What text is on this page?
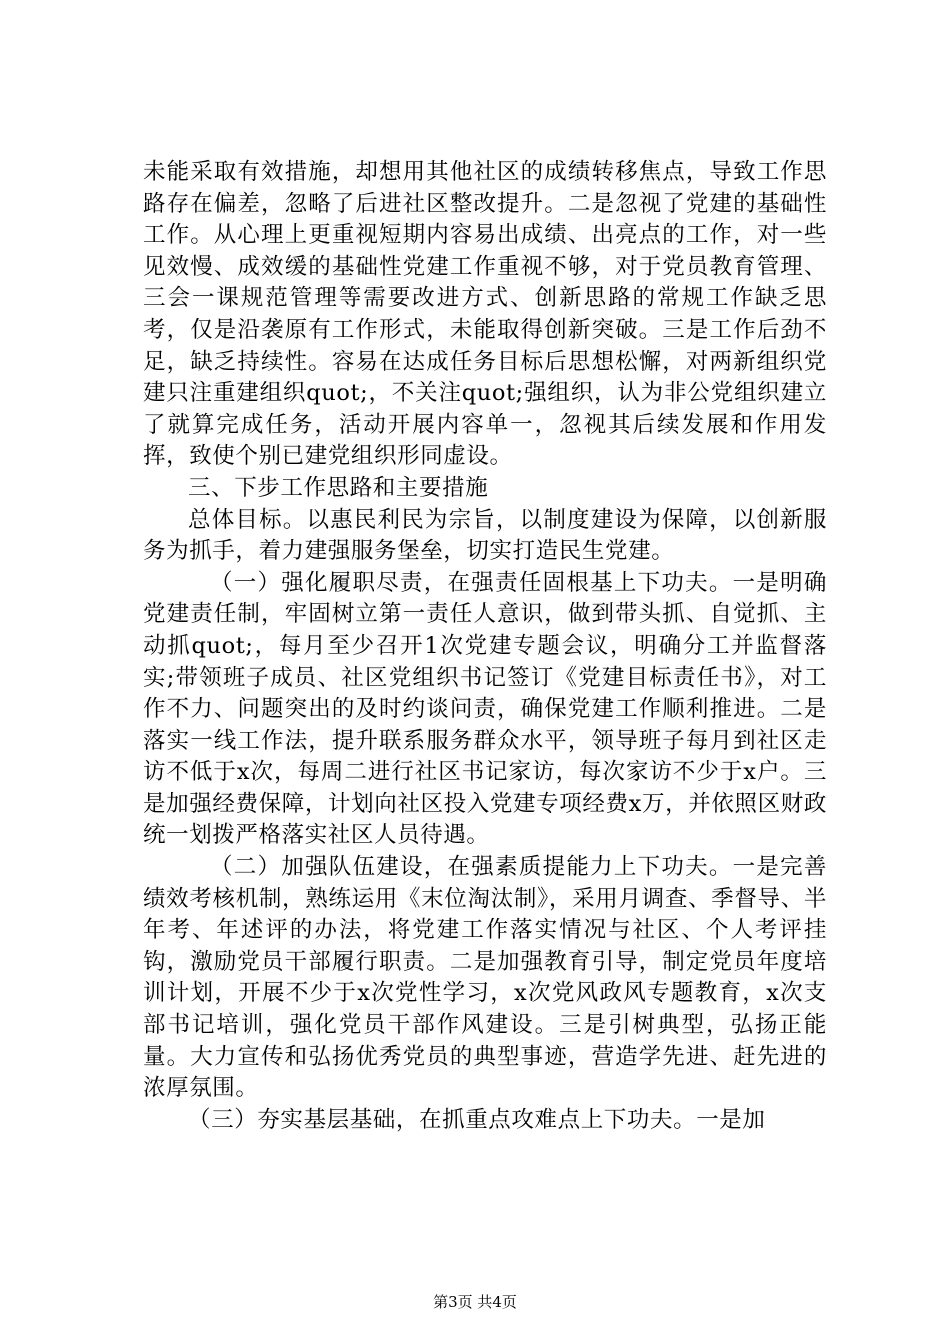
未能采取有效措施，却想用其他社区的成绩转移焦点，导致工作思路存在偏差，忽略了后进社区整改提升。二是忽视了党建的基础性工作。从心理上更重视短期内容易出成绩、出亮点的工作，对一些见效慢、成效缓的基础性党建工作重视不够，对于党员教育管理、三会一课规范管理等需要改进方式、创新思路的常规工作缺乏思考，仅是沿袭原有工作形式，未能取得创新突破。三是工作后劲不足，缺乏持续性。容易在达成任务目标后思想松懈，对两新组织党建只注重建组织quot;，不关注quot;强组织，认为非公党组织建立了就算完成任务，活动开展内容单一，忽视其后续发展和作用发挥，致使个别已建党组织形同虚设。

三、下步工作思路和主要措施

总体目标。以惠民利民为宗旨，以制度建设为保障，以创新服务为抓手，着力建强服务堡垒，切实打造民生党建。

（一）强化履职尽责，在强责任固根基上下功夫。一是明确党建责任制，牢固树立第一责任人意识，做到带头抓、自觉抓、主动抓quot;，每月至少召开1次党建专题会议，明确分工并监督落实;带领班子成员、社区党组织书记签订《党建目标责任书》，对工作不力、问题突出的及时约谈问责，确保党建工作顺利推进。二是落实一线工作法，提升联系服务群众水平，领导班子每月到社区走访不低于x次，每周二进行社区书记家访，每次家访不少于x户。三是加强经费保障，计划向社区投入党建专项经费x万，并依照区财政统一划拨严格落实社区人员待遇。

（二）加强队伍建设，在强素质提能力上下功夫。一是完善绩效考核机制，熟练运用《末位淘汰制》，采用月调查、季督导、半年考、年述评的办法，将党建工作落实情况与社区、个人考评挂钩，激励党员干部履行职责。二是加强教育引导，制定党员年度培训计划，开展不少于x次党性学习，x次党风政风专题教育，x次支部书记培训，强化党员干部作风建设。三是引树典型，弘扬正能量。大力宣传和弘扬优秀党员的典型事迹，营造学先进、赶先进的浓厚氛围。

（三）夯实基层基础，在抓重点攻难点上下功夫。一是加

第3页 共4页
